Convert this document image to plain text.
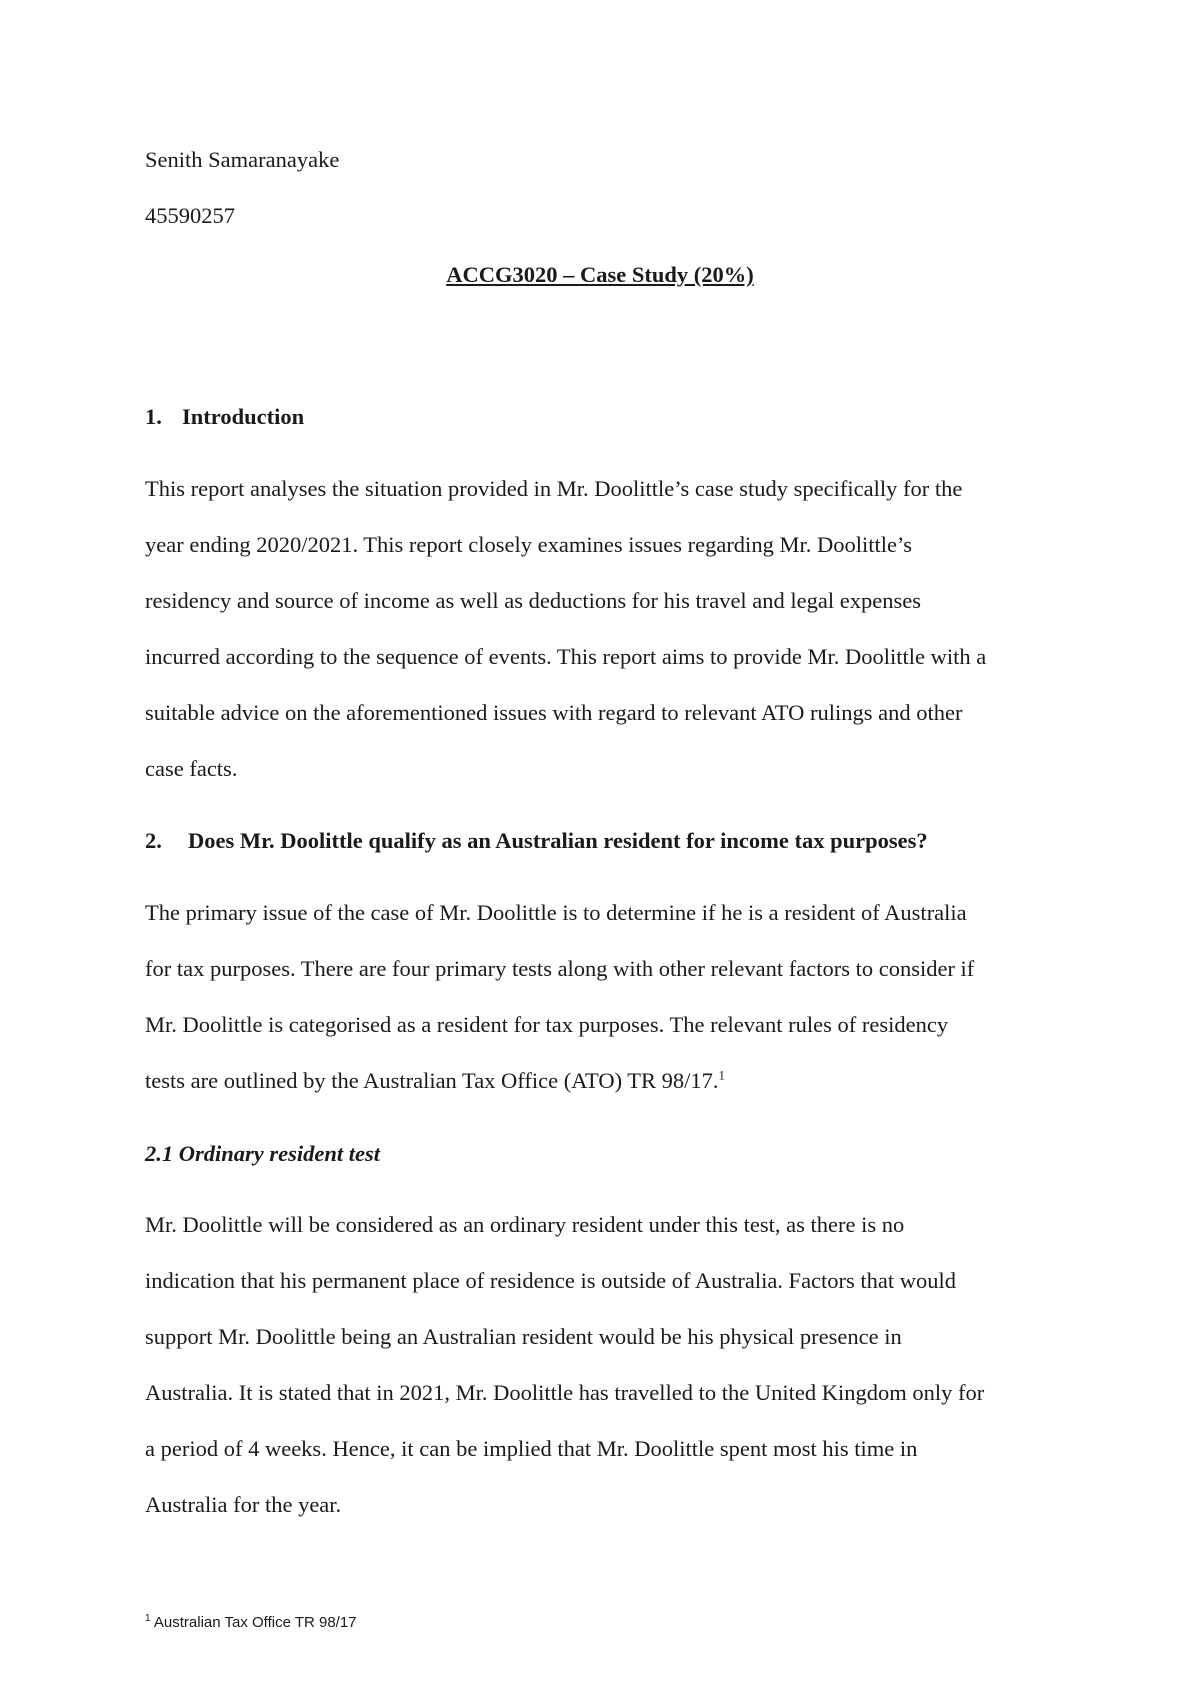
Senith Samaranayake
45590257
ACCG3020 – Case Study (20%)
1. Introduction
This report analyses the situation provided in Mr. Doolittle’s case study specifically for the
year ending 2020/2021. This report closely examines issues regarding Mr. Doolittle’s
residency and source of income as well as deductions for his travel and legal expenses
incurred according to the sequence of events. This report aims to provide Mr. Doolittle with a
suitable advice on the aforementioned issues with regard to relevant ATO rulings and other
case facts.
2. Does Mr. Doolittle qualify as an Australian resident for income tax purposes?
The primary issue of the case of Mr. Doolittle is to determine if he is a resident of Australia
for tax purposes. There are four primary tests along with other relevant factors to consider if
Mr. Doolittle is categorised as a resident for tax purposes. The relevant rules of residency
tests are outlined by the Australian Tax Office (ATO) TR 98/17.$^1$
2.1 Ordinary resident test
Mr. Doolittle will be considered as an ordinary resident under this test, as there is no
indication that his permanent place of residence is outside of Australia. Factors that would
support Mr. Doolittle being an Australian resident would be his physical presence in
Australia. It is stated that in 2021, Mr. Doolittle has travelled to the United Kingdom only for
a period of 4 weeks. Hence, it can be implied that Mr. Doolittle spent most his time in
Australia for the year.
$^1$ Australian Tax Office TR 98/17
